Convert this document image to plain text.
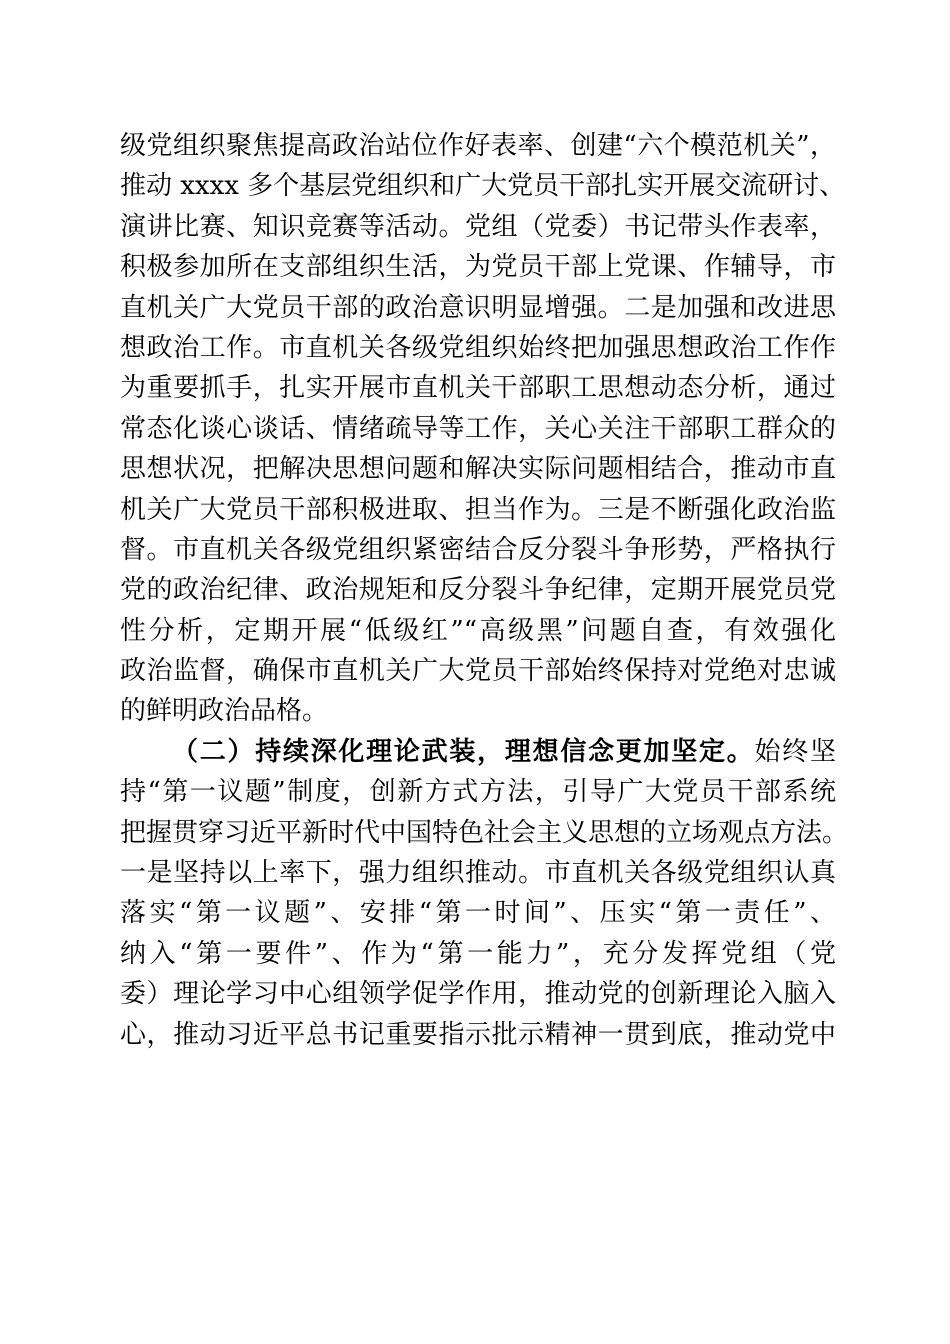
级党组织聚焦提高政治站位作好表率、创建“六个模范机关”，
推动 xxxx 多个基层党组织和广大党员干部扎实开展交流研讨、
演讲比赛、知识竞赛等活动。党组（党委）书记带头作表率，
积极参加所在支部组织生活，为党员干部上党课、作辅导，市
直机关广大党员干部的政治意识明显增强。二是加强和改进思
想政治工作。市直机关各级党组织始终把加强思想政治工作作
为重要抓手，扎实开展市直机关干部职工思想动态分析，通过
常态化谈心谈话、情绪疏导等工作，关心关注干部职工群众的
思想状况，把解决思想问题和解决实际问题相结合，推动市直
机关广大党员干部积极进取、担当作为。三是不断强化政治监
督。市直机关各级党组织紧密结合反分裂斗争形势，严格执行
党的政治纪律、政治规矩和反分裂斗争纪律，定期开展党员党
性分析，定期开展“低级红”“高级黑”问题自查，有效强化
政治监督，确保市直机关广大党员干部始终保持对党绝对忠诚
的鲜明政治品格。
（二）持续深化理论武装，理想信念更加坚定。始终坚
持“第一议题”制度，创新方式方法，引导广大党员干部系统
把握贯穿习近平新时代中国特色社会主义思想的立场观点方法。
一是坚持以上率下，强力组织推动。市直机关各级党组织认真
落实“第一议题”、安排“第一时间”、压实“第一责任”、
纳入“第一要件”、作为“第一能力”，充分发挥党组（党
委）理论学习中心组领学促学作用，推动党的创新理论入脑入
心，推动习近平总书记重要指示批示精神一贯到底，推动党中
